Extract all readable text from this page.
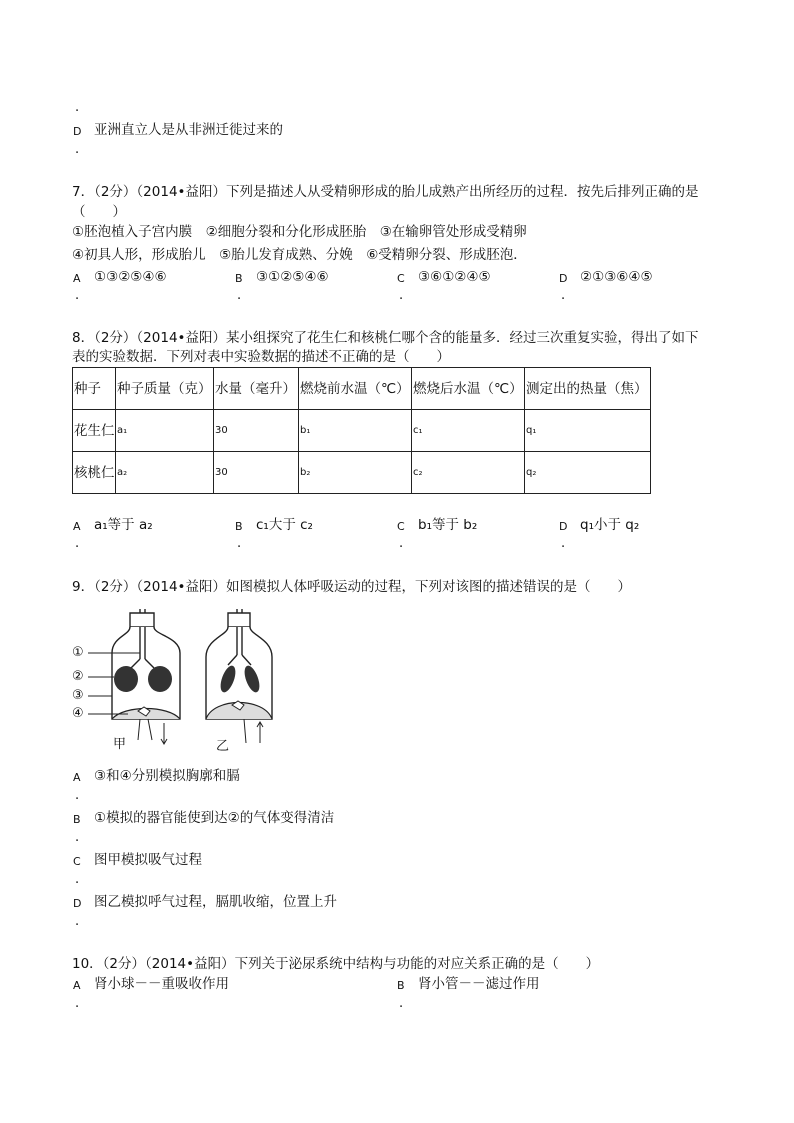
.
D 亚洲直立人是从非洲迁徙过来的
.
7．（2分）（2014•益阳）下列是描述人从受精卵形成的胎儿成熟产出所经历的过程．按先后排列正确的是
（　　）
①胚泡植入子宫内膜　②细胞分裂和分化形成胚胎　③在输卵管处形成受精卵
④初具人形，形成胎儿　⑤胎儿发育成熟、分娩　⑥受精卵分裂、形成胚泡．
A ①③②⑤④⑥	B ③①②⑤④⑥	C ③⑥①②④⑤	D ②①③⑥④⑤
.	.	.	.
8．（2分）（2014•益阳）某小组探究了花生仁和核桃仁哪个含的能量多．经过三次重复实验，得出了如下
表的实验数据．下列对表中实验数据的描述不正确的是（　　）
种子	种子质量（克）	水量（毫升）	燃烧前水温（℃）	燃烧后水温（℃）	测定出的热量（焦）
花生仁	a₁	30	b₁	c₁	q₁
核桃仁	a₂	30	b₂	c₂	q₂
A a₁等于 a₂	B c₁大于 c₂	C b₁等于 b₂	D q₁小于 q₂
.	.	.	.
9．（2分）（2014•益阳）如图模拟人体呼吸运动的过程，下列对该图的描述错误的是（　　）
①
②
③
④
甲	乙
A ③和④分别模拟胸廓和膈
.
B ①模拟的器官能使到达②的气体变得清洁
.
C 图甲模拟吸气过程
.
D 图乙模拟呼气过程，膈肌收缩，位置上升
.
10．（2分）（2014•益阳）下列关于泌尿系统中结构与功能的对应关系正确的是（　　）
A 肾小球－－重吸收作用	B 肾小管－－滤过作用
.	.
